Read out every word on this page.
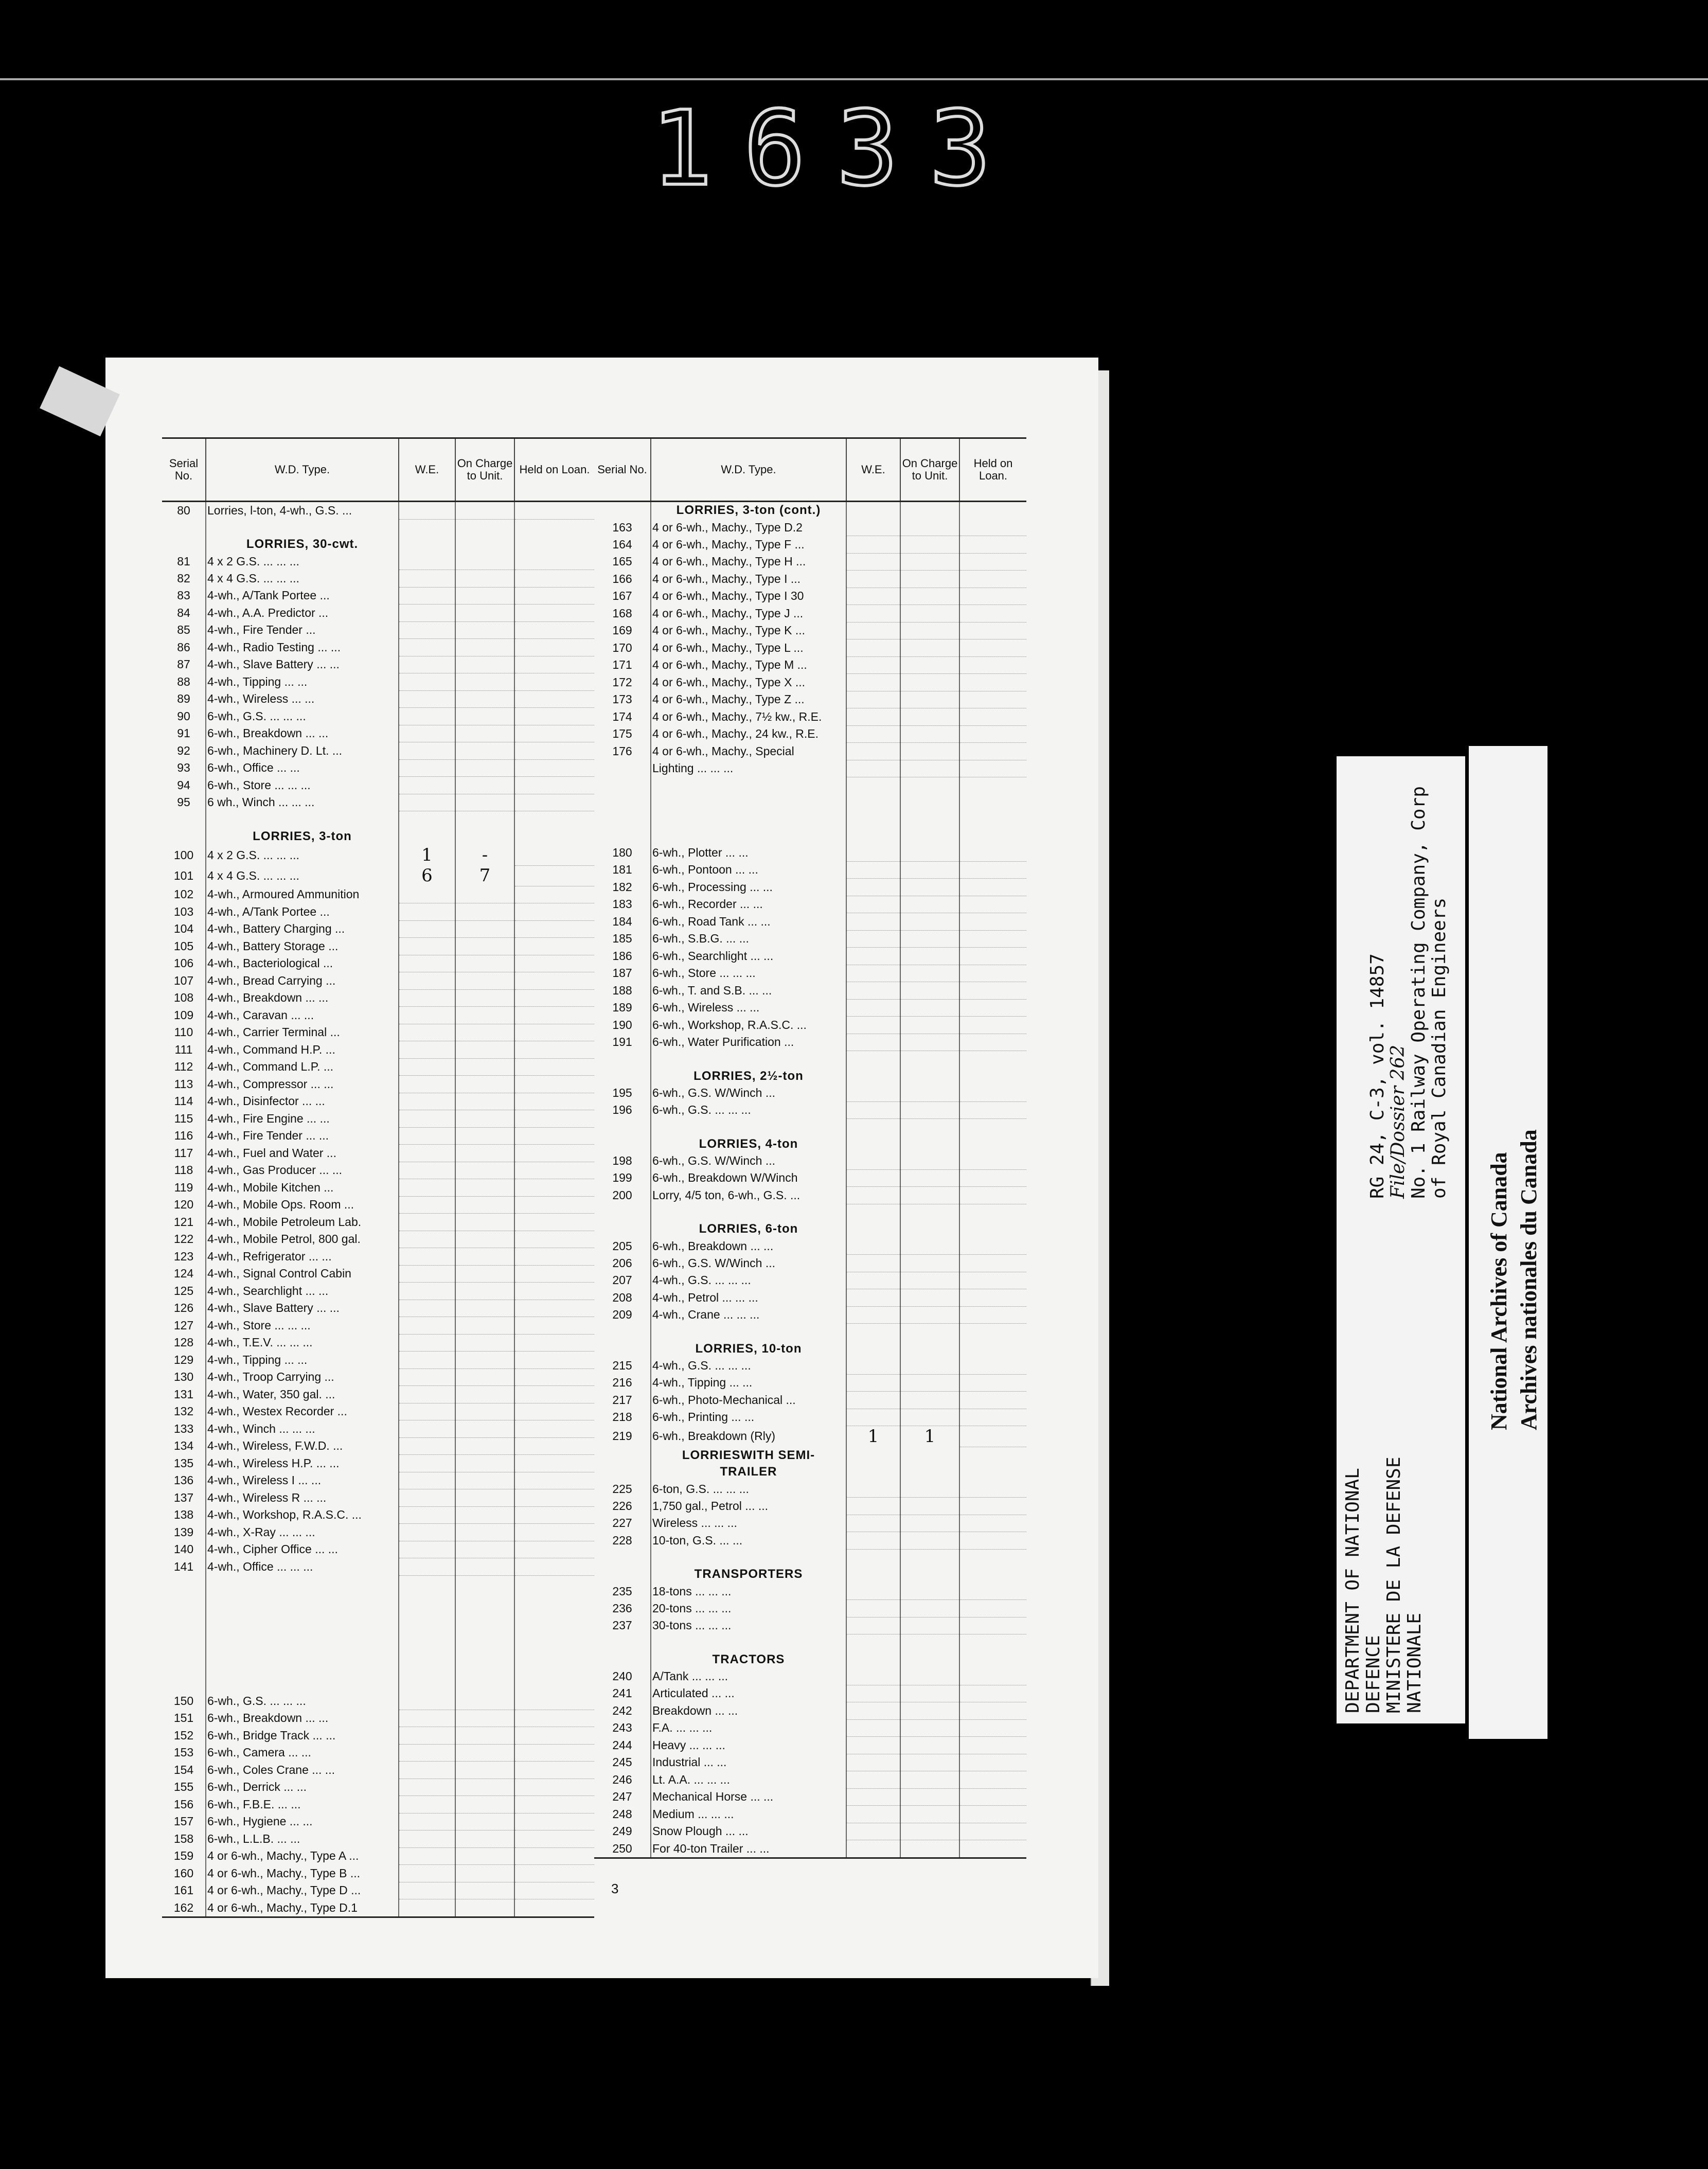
1633
Serial No.	W.D. Type.	W.E.	On Charge to Unit.	Held on Loan.
80	Lorries, l-ton, 4-wh., G.S. ...			

	LORRIES, 30-cwt.			
81	4 x 2 G.S. ... ... ...			
82	4 x 4 G.S. ... ... ...			
83	4-wh., A/Tank Portee ...			
84	4-wh., A.A. Predictor ...			
85	4-wh., Fire Tender ...			
86	4-wh., Radio Testing ... ...			
87	4-wh., Slave Battery ... ...			
88	4-wh., Tipping ... ...			
89	4-wh., Wireless ... ...			
90	6-wh., G.S. ... ... ...			
91	6-wh., Breakdown ... ...			
92	6-wh., Machinery D. Lt. ...			
93	6-wh., Office ... ...			
94	6-wh., Store ... ... ...			
95	6 wh., Winch ... ... ...			

	LORRIES, 3-ton			
100	4 x 2 G.S. ... ... ...	1	-	
101	4 x 4 G.S. ... ... ...	6	7	
102	4-wh., Armoured Ammunition			
103	4-wh., A/Tank Portee ...			
104	4-wh., Battery Charging ...			
105	4-wh., Battery Storage ...			
106	4-wh., Bacteriological ...			
107	4-wh., Bread Carrying ...			
108	4-wh., Breakdown ... ...			
109	4-wh., Caravan ... ...			
110	4-wh., Carrier Terminal ...			
111	4-wh., Command H.P. ...			
112	4-wh., Command L.P. ...			
113	4-wh., Compressor ... ...			
114	4-wh., Disinfector ... ...			
115	4-wh., Fire Engine ... ...			
116	4-wh., Fire Tender ... ...			
117	4-wh., Fuel and Water ...			
118	4-wh., Gas Producer ... ...			
119	4-wh., Mobile Kitchen ...			
120	4-wh., Mobile Ops. Room ...			
121	4-wh., Mobile Petroleum Lab.			
122	4-wh., Mobile Petrol, 800 gal.			
123	4-wh., Refrigerator ... ...			
124	4-wh., Signal Control Cabin			
125	4-wh., Searchlight ... ...			
126	4-wh., Slave Battery ... ...			
127	4-wh., Store ... ... ...			
128	4-wh., T.E.V. ... ... ...			
129	4-wh., Tipping ... ...			
130	4-wh., Troop Carrying ...			
131	4-wh., Water, 350 gal. ...			
132	4-wh., Westex Recorder ...			
133	4-wh., Winch ... ... ...			
134	4-wh., Wireless, F.W.D. ...			
135	4-wh., Wireless H.P. ... ...			
136	4-wh., Wireless I ... ...			
137	4-wh., Wireless R ... ...			
138	4-wh., Workshop, R.A.S.C. ...			
139	4-wh., X-Ray ... ... ...			
140	4-wh., Cipher Office ... ...			
141	4-wh., Office ... ... ...			

150	6-wh., G.S. ... ... ...			
151	6-wh., Breakdown ... ...			
152	6-wh., Bridge Track ... ...			
153	6-wh., Camera ... ...			
154	6-wh., Coles Crane ... ...			
155	6-wh., Derrick ... ...			
156	6-wh., F.B.E. ... ...			
157	6-wh., Hygiene ... ...			
158	6-wh., L.L.B. ... ...			
159	4 or 6-wh., Machy., Type A ...			
160	4 or 6-wh., Machy., Type B ...			
161	4 or 6-wh., Machy., Type D ...			
162	4 or 6-wh., Machy., Type D.1			

Serial No.	W.D. Type.	W.E.	On Charge to Unit.	Held on Loan.
	LORRIES, 3-ton (cont.)			
163	4 or 6-wh., Machy., Type D.2			
164	4 or 6-wh., Machy., Type F ...			
165	4 or 6-wh., Machy., Type H ...			
166	4 or 6-wh., Machy., Type I ...			
167	4 or 6-wh., Machy., Type I 30			
168	4 or 6-wh., Machy., Type J ...			
169	4 or 6-wh., Machy., Type K ...			
170	4 or 6-wh., Machy., Type L ...			
171	4 or 6-wh., Machy., Type M ...			
172	4 or 6-wh., Machy., Type X ...			
173	4 or 6-wh., Machy., Type Z ...			
174	4 or 6-wh., Machy., 7½ kw., R.E.			
175	4 or 6-wh., Machy., 24 kw., R.E.			
176	4 or 6-wh., Machy., Special			
	Lighting ... ... ...			

180	6-wh., Plotter ... ...			
181	6-wh., Pontoon ... ...			
182	6-wh., Processing ... ...			
183	6-wh., Recorder ... ...			
184	6-wh., Road Tank ... ...			
185	6-wh., S.B.G. ... ...			
186	6-wh., Searchlight ... ...			
187	6-wh., Store ... ... ...			
188	6-wh., T. and S.B. ... ...			
189	6-wh., Wireless ... ...			
190	6-wh., Workshop, R.A.S.C. ...			
191	6-wh., Water Purification ...			

	LORRIES, 2½-ton			
195	6-wh., G.S. W/Winch ...			
196	6-wh., G.S. ... ... ...			

	LORRIES, 4-ton			
198	6-wh., G.S. W/Winch ...			
199	6-wh., Breakdown W/Winch			
200	Lorry, 4/5 ton, 6-wh., G.S. ...			

	LORRIES, 6-ton			
205	6-wh., Breakdown ... ...			
206	6-wh., G.S. W/Winch ...			
207	4-wh., G.S. ... ... ...			
208	4-wh., Petrol ... ... ...			
209	4-wh., Crane ... ... ...			

	LORRIES, 10-ton			
215	4-wh., G.S. ... ... ...			
216	4-wh., Tipping ... ...			
217	6-wh., Photo-Mechanical ...			
218	6-wh., Printing ... ...			
219	6-wh., Breakdown (Rly)	1	1	
	LORRIESWITH SEMI-			
	TRAILER			
225	6-ton, G.S. ... ... ...			
226	1,750 gal., Petrol ... ...			
227	Wireless ... ... ...			
228	10-ton, G.S. ... ...			

	TRANSPORTERS			
235	18-tons ... ... ...			
236	20-tons ... ... ...			
237	30-tons ... ... ...			

	TRACTORS			
240	A/Tank ... ... ...			
241	Articulated ... ...			
242	Breakdown ... ...			
243	F.A. ... ... ...			
244	Heavy ... ... ...			
245	Industrial ... ...			
246	Lt. A.A. ... ... ...			
247	Mechanical Horse ... ...			
248	Medium ... ... ...			
249	Snow Plough ... ...			
250	For 40-ton Trailer ... ...			

3
DEPARTMENT OF NATIONAL DEFENCE MINISTERE DE LA DEFENSE NATIONALE
RG 24, C-3, vol. 14857 File/Dossier 262 No. 1 Railway Operating Company, Corp of Royal Canadian Engineers
National Archives of Canada Archives nationales du Canada
